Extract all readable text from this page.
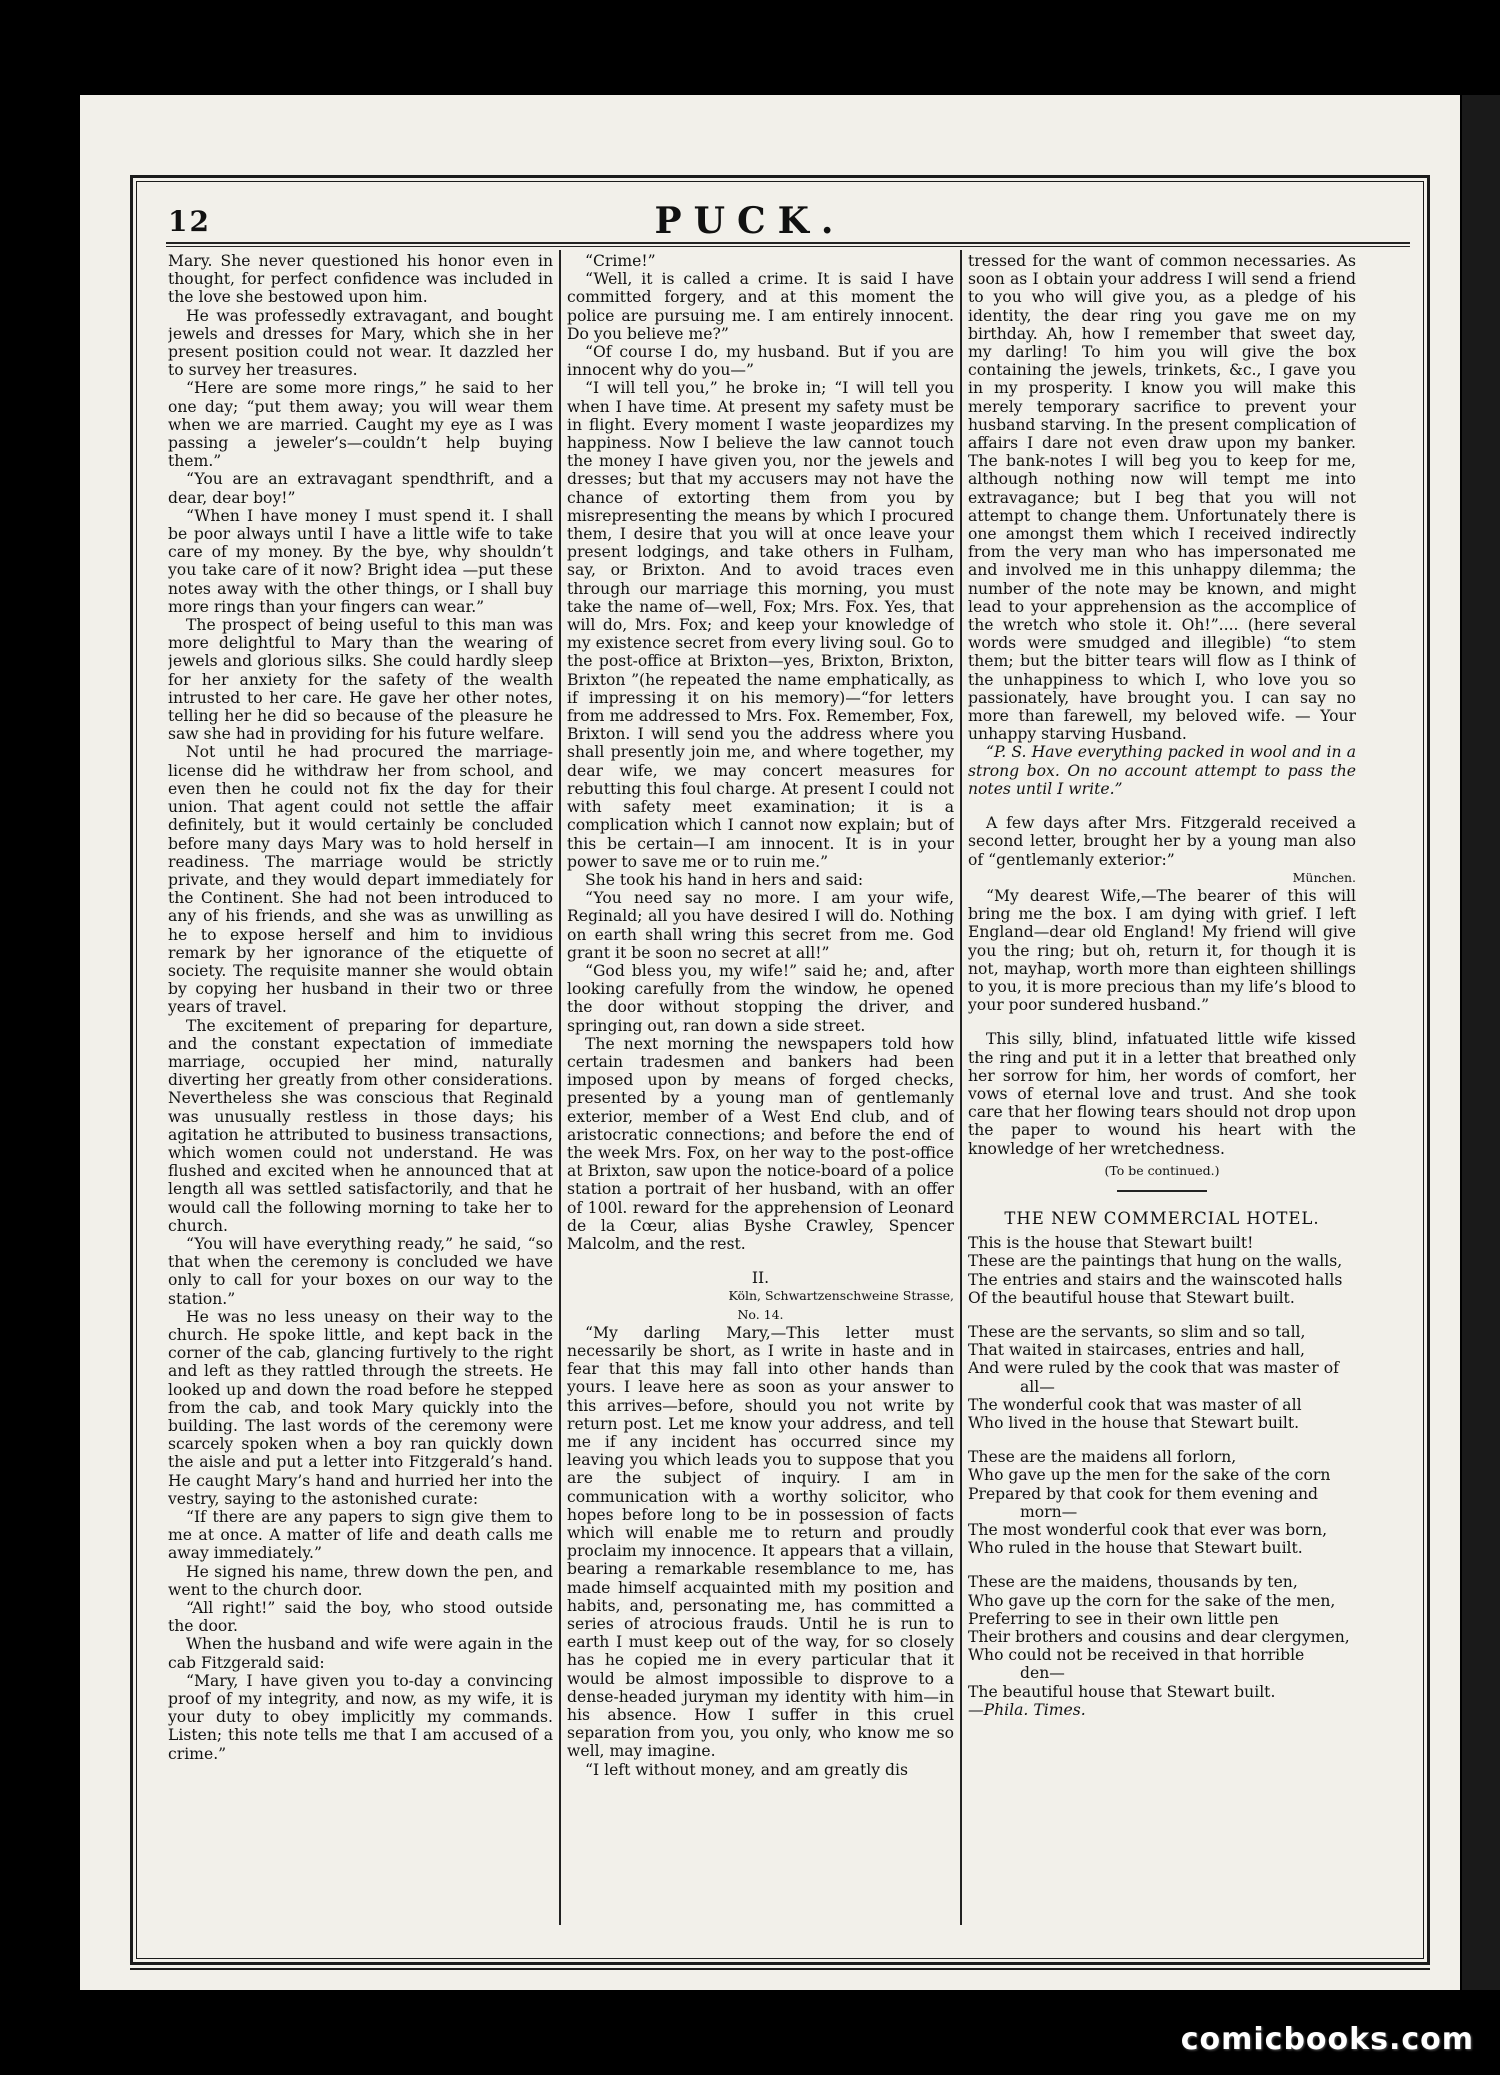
12	PUCK.

Mary. She never questioned his honor even in thought, for perfect confidence was included in the love she bestowed upon him.

He was professedly extravagant, and bought jewels and dresses for Mary, which she in her present position could not wear. It dazzled her to survey her treasures.

“Here are some more rings,” he said to her one day; “put them away; you will wear them when we are married. Caught my eye as I was passing a jeweler’s—couldn’t help buying them.”

“You are an extravagant spendthrift, and a dear, dear boy!”

“When I have money I must spend it. I shall be poor always until I have a little wife to take care of my money. By the bye, why shouldn’t you take care of it now? Bright idea —put these notes away with the other things, or I shall buy more rings than your fingers can wear.”

The prospect of being useful to this man was more delightful to Mary than the wearing of jewels and glorious silks. She could hardly sleep for her anxiety for the safety of the wealth intrusted to her care. He gave her other notes, telling her he did so because of the pleasure he saw she had in providing for his future welfare.

Not until he had procured the marriage-license did he withdraw her from school, and even then he could not fix the day for their union. That agent could not settle the affair definitely, but it would certainly be concluded before many days Mary was to hold herself in readiness. The marriage would be strictly private, and they would depart immediately for the Continent. She had not been introduced to any of his friends, and she was as unwilling as he to expose herself and him to invidious remark by her ignorance of the etiquette of society. The requisite manner she would obtain by copying her husband in their two or three years of travel.

The excitement of preparing for departure, and the constant expectation of immediate marriage, occupied her mind, naturally diverting her greatly from other considerations. Nevertheless she was conscious that Reginald was unusually restless in those days; his agitation he attributed to business transactions, which women could not understand. He was flushed and excited when he announced that at length all was settled satisfactorily, and that he would call the following morning to take her to church.

“You will have everything ready,” he said, “so that when the ceremony is concluded we have only to call for your boxes on our way to the station.”

He was no less uneasy on their way to the church. He spoke little, and kept back in the corner of the cab, glancing furtively to the right and left as they rattled through the streets. He looked up and down the road before he stepped from the cab, and took Mary quickly into the building. The last words of the ceremony were scarcely spoken when a boy ran quickly down the aisle and put a letter into Fitzgerald’s hand. He caught Mary’s hand and hurried her into the vestry, saying to the astonished curate:

“If there are any papers to sign give them to me at once. A matter of life and death calls me away immediately.”

He signed his name, threw down the pen, and went to the church door.

“All right!” said the boy, who stood outside the door.

When the husband and wife were again in the cab Fitzgerald said:

“Mary, I have given you to-day a convincing proof of my integrity, and now, as my wife, it is your duty to obey implicitly my commands. Listen; this note tells me that I am accused of a crime.”

“Crime!”

“Well, it is called a crime. It is said I have committed forgery, and at this moment the police are pursuing me. I am entirely innocent. Do you believe me?”

“Of course I do, my husband. But if you are innocent why do you—”

“I will tell you,” he broke in; “I will tell you when I have time. At present my safety must be in flight. Every moment I waste jeopardizes my happiness. Now I believe the law cannot touch the money I have given you, nor the jewels and dresses; but that my accusers may not have the chance of extorting them from you by misrepresenting the means by which I procured them, I desire that you will at once leave your present lodgings, and take others in Fulham, say, or Brixton. And to avoid traces even through our marriage this morning, you must take the name of—well, Fox; Mrs. Fox. Yes, that will do, Mrs. Fox; and keep your knowledge of my existence secret from every living soul. Go to the post-office at Brixton—yes, Brixton, Brixton, Brixton ”(he repeated the name emphatically, as if impressing it on his memory)—“for letters from me addressed to Mrs. Fox. Remember, Fox, Brixton. I will send you the address where you shall presently join me, and where together, my dear wife, we may concert measures for rebutting this foul charge. At present I could not with safety meet examination; it is a complication which I cannot now explain; but of this be certain—I am innocent. It is in your power to save me or to ruin me.”

She took his hand in hers and said:

“You need say no more. I am your wife, Reginald; all you have desired I will do. Nothing on earth shall wring this secret from me. God grant it be soon no secret at all!”

“God bless you, my wife!” said he; and, after looking carefully from the window, he opened the door without stopping the driver, and springing out, ran down a side street.

The next morning the newspapers told how certain tradesmen and bankers had been imposed upon by means of forged checks, presented by a young man of gentlemanly exterior, member of a West End club, and of aristocratic connections; and before the end of the week Mrs. Fox, on her way to the post-office at Brixton, saw upon the notice-board of a police station a portrait of her husband, with an offer of 100l. reward for the apprehension of Leonard de la Cœur, alias Byshe Crawley, Spencer Malcolm, and the rest.

II.

Köln, Schwartzenschweine Strasse,

No. 14.

“My darling Mary,—This letter must necessarily be short, as I write in haste and in fear that this may fall into other hands than yours. I leave here as soon as your answer to this arrives—before, should you not write by return post. Let me know your address, and tell me if any incident has occurred since my leaving you which leads you to suppose that you are the subject of inquiry. I am in communication with a worthy solicitor, who hopes before long to be in possession of facts which will enable me to return and proudly proclaim my innocence. It appears that a villain, bearing a remarkable resemblance to me, has made himself acquainted mith my position and habits, and, personating me, has committed a series of atrocious frauds. Until he is run to earth I must keep out of the way, for so closely has he copied me in every particular that it would be almost impossible to disprove to a dense-headed juryman my identity with him—in his absence. How I suffer in this cruel separation from you, you only, who know me so well, may imagine.

“I left without money, and am greatly dis

tressed for the want of common necessaries. As soon as I obtain your address I will send a friend to you who will give you, as a pledge of his identity, the dear ring you gave me on my birthday. Ah, how I remember that sweet day, my darling! To him you will give the box containing the jewels, trinkets, &c., I gave you in my prosperity. I know you will make this merely temporary sacrifice to prevent your husband starving. In the present complication of affairs I dare not even draw upon my banker. The bank-notes I will beg you to keep for me, although nothing now will tempt me into extravagance; but I beg that you will not attempt to change them. Unfortunately there is one amongst them which I received indirectly from the very man who has impersonated me and involved me in this unhappy dilemma; the number of the note may be known, and might lead to your apprehension as the accomplice of the wretch who stole it. Oh!”.... (here several words were smudged and illegible) “to stem them; but the bitter tears will flow as I think of the unhappiness to which I, who love you so passionately, have brought you. I can say no more than farewell, my beloved wife. — Your unhappy starving Husband.

“P. S. Have everything packed in wool and in a strong box. On no account attempt to pass the notes until I write.”

A few days after Mrs. Fitzgerald received a second letter, brought her by a young man also of “gentlemanly exterior:”

München.

“My dearest Wife,—The bearer of this will bring me the box. I am dying with grief. I left England—dear old England! My friend will give you the ring; but oh, return it, for though it is not, mayhap, worth more than eighteen shillings to you, it is more precious than my life’s blood to your poor sundered husband.”

This silly, blind, infatuated little wife kissed the ring and put it in a letter that breathed only her sorrow for him, her words of comfort, her vows of eternal love and trust. And she took care that her flowing tears should not drop upon the paper to wound his heart with the knowledge of her wretchedness.

(To be continued.)

THE NEW COMMERCIAL HOTEL.

This is the house that Stewart built!

These are the paintings that hung on the walls,

The entries and stairs and the wainscoted halls

Of the beautiful house that Stewart built.

These are the servants, so slim and so tall,

That waited in staircases, entries and hall,

And were ruled by the cook that was master of

all—

The wonderful cook that was master of all

Who lived in the house that Stewart built.

These are the maidens all forlorn,

Who gave up the men for the sake of the corn

Prepared by that cook for them evening and

morn—

The most wonderful cook that ever was born,

Who ruled in the house that Stewart built.

These are the maidens, thousands by ten,

Who gave up the corn for the sake of the men,

Preferring to see in their own little pen

Their brothers and cousins and dear clergymen,

Who could not be received in that horrible

den—

The beautiful house that Stewart built.

—Phila. Times.

comicbooks.com
